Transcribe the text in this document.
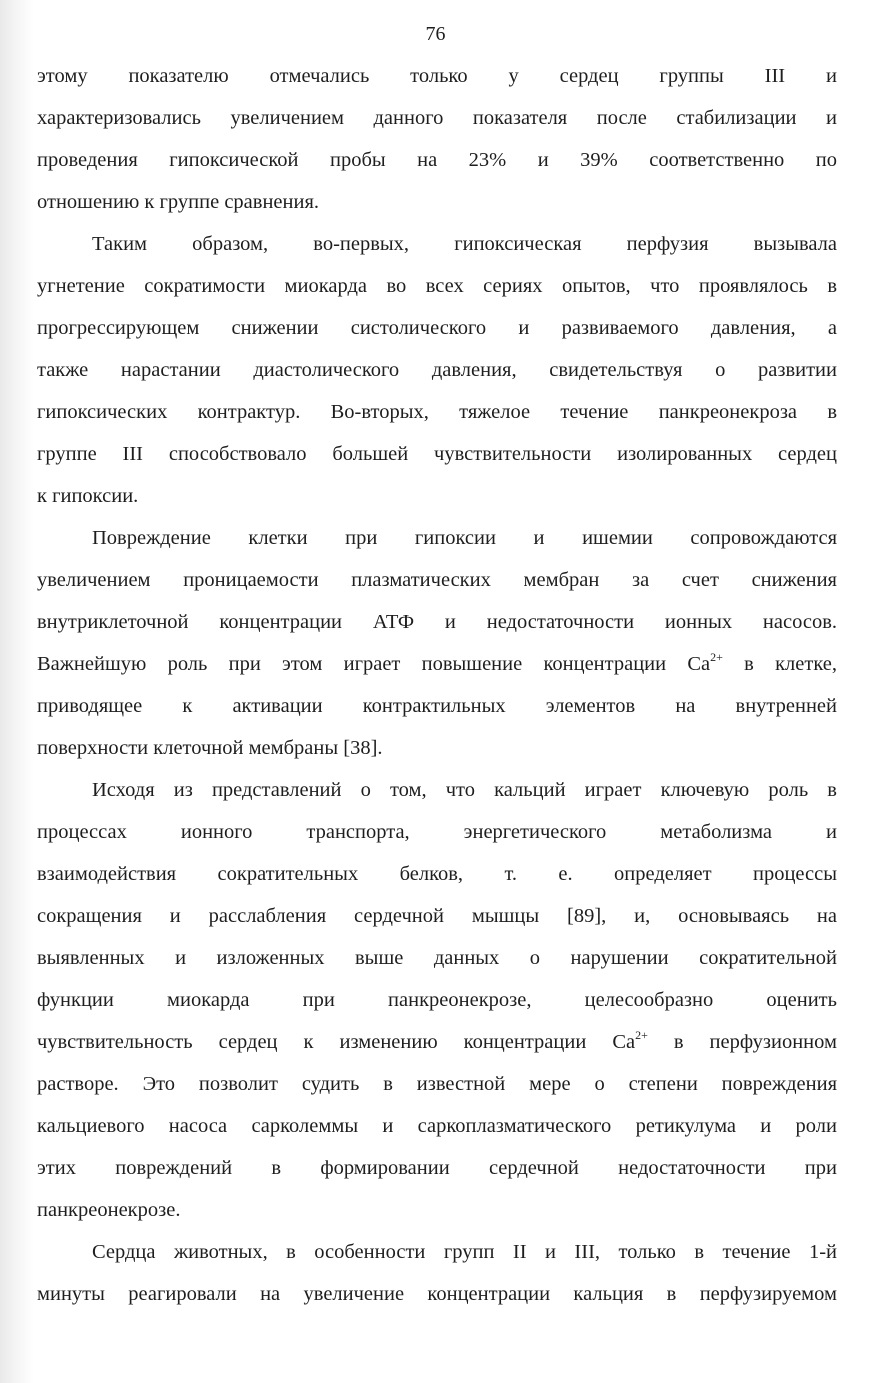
76

этому показателю отмечались только у сердец группы III и
характеризовались увеличением данного показателя после стабилизации и
проведения гипоксической пробы на 23% и 39% соответственно по
отношению к группе сравнения.

Таким образом, во-первых, гипоксическая перфузия вызывала
угнетение сократимости миокарда во всех сериях опытов, что проявлялось в
прогрессирующем снижении систолического и развиваемого давления, а
также нарастании диастолического давления, свидетельствуя о развитии
гипоксических контрактур. Во-вторых, тяжелое течение панкреонекроза в
группе III способствовало большей чувствительности изолированных сердец
к гипоксии.

Повреждение клетки при гипоксии и ишемии сопровождаются
увеличением проницаемости плазматических мембран за счет снижения
внутриклеточной концентрации АТФ и недостаточности ионных насосов.
Важнейшую роль при этом играет повышение концентрации $Ca^{2+}$ в клетке,
приводящее к активации контрактильных элементов на внутренней
поверхности клеточной мембраны [38].

Исходя из представлений о том, что кальций играет ключевую роль в
процессах ионного транспорта, энергетического метаболизма и
взаимодействия сократительных белков, т. е. определяет процессы
сокращения и расслабления сердечной мышцы [89], и, основываясь на
выявленных и изложенных выше данных о нарушении сократительной
функции миокарда при панкреонекрозе, целесообразно оценить
чувствительность сердец к изменению концентрации $Ca^{2+}$ в перфузионном
растворе. Это позволит судить в известной мере о степени повреждения
кальциевого насоса сарколеммы и саркоплазматического ретикулума и роли
этих повреждений в формировании сердечной недостаточности при
панкреонекрозе.

Сердца животных, в особенности групп II и III, только в течение 1-й
минуты реагировали на увеличение концентрации кальция в перфузируемом
